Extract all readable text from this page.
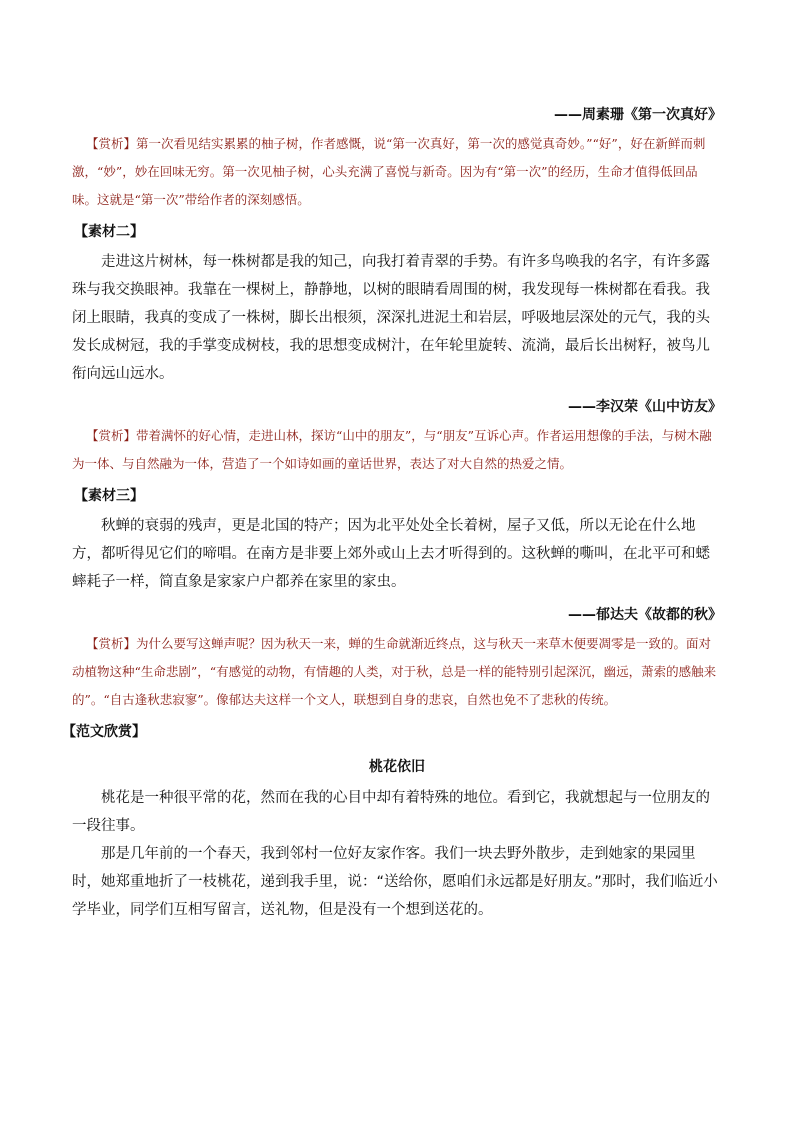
——周素珊《第一次真好》

【赏析】第一次看见结实累累的柚子树，作者感慨，说“第一次真好，第一次的感觉真奇妙。”“好”，好在新鲜而刺激，“妙”，妙在回味无穷。第一次见柚子树，心头充满了喜悦与新奇。因为有“第一次”的经历，生命才值得低回品味。这就是“第一次”带给作者的深刻感悟。

【素材二】

走进这片树林，每一株树都是我的知己，向我打着青翠的手势。有许多鸟唤我的名字，有许多露珠与我交换眼神。我靠在一棵树上，静静地，以树的眼睛看周围的树，我发现每一株树都在看我。我闭上眼睛，我真的变成了一株树，脚长出根须，深深扎进泥土和岩层，呼吸地层深处的元气，我的头发长成树冠，我的手掌变成树枝，我的思想变成树汁，在年轮里旋转、流淌，最后长出树籽，被鸟儿衔向远山远水。

——李汉荣《山中访友》

【赏析】带着满怀的好心情，走进山林，探访“山中的朋友”，与“朋友”互诉心声。作者运用想像的手法，与树木融为一体、与自然融为一体，营造了一个如诗如画的童话世界，表达了对大自然的热爱之情。

【素材三】

秋蝉的衰弱的残声，更是北国的特产；因为北平处处全长着树，屋子又低，所以无论在什么地方，都听得见它们的啼唱。在南方是非要上郊外或山上去才听得到的。这秋蝉的嘶叫，在北平可和蟋蟀耗子一样，简直象是家家户户都养在家里的家虫。

——郁达夫《故都的秋》

【赏析】为什么要写这蝉声呢？因为秋天一来，蝉的生命就渐近终点，这与秋天一来草木便要凋零是一致的。面对动植物这种“生命悲剧”，“有感觉的动物，有情趣的人类，对于秋，总是一样的能特别引起深沉，幽远，萧索的感触来的”。“自古逢秋悲寂寥”。像郁达夫这样一个文人，联想到自身的悲哀，自然也免不了悲秋的传统。

【范文欣赏】
桃花依旧

桃花是一种很平常的花，然而在我的心目中却有着特殊的地位。看到它，我就想起与一位朋友的一段往事。

那是几年前的一个春天，我到邻村一位好友家作客。我们一块去野外散步，走到她家的果园里时，她郑重地折了一枝桃花，递到我手里，说：“送给你，愿咱们永远都是好朋友。”那时，我们临近小学毕业，同学们互相写留言，送礼物，但是没有一个想到送花的。
